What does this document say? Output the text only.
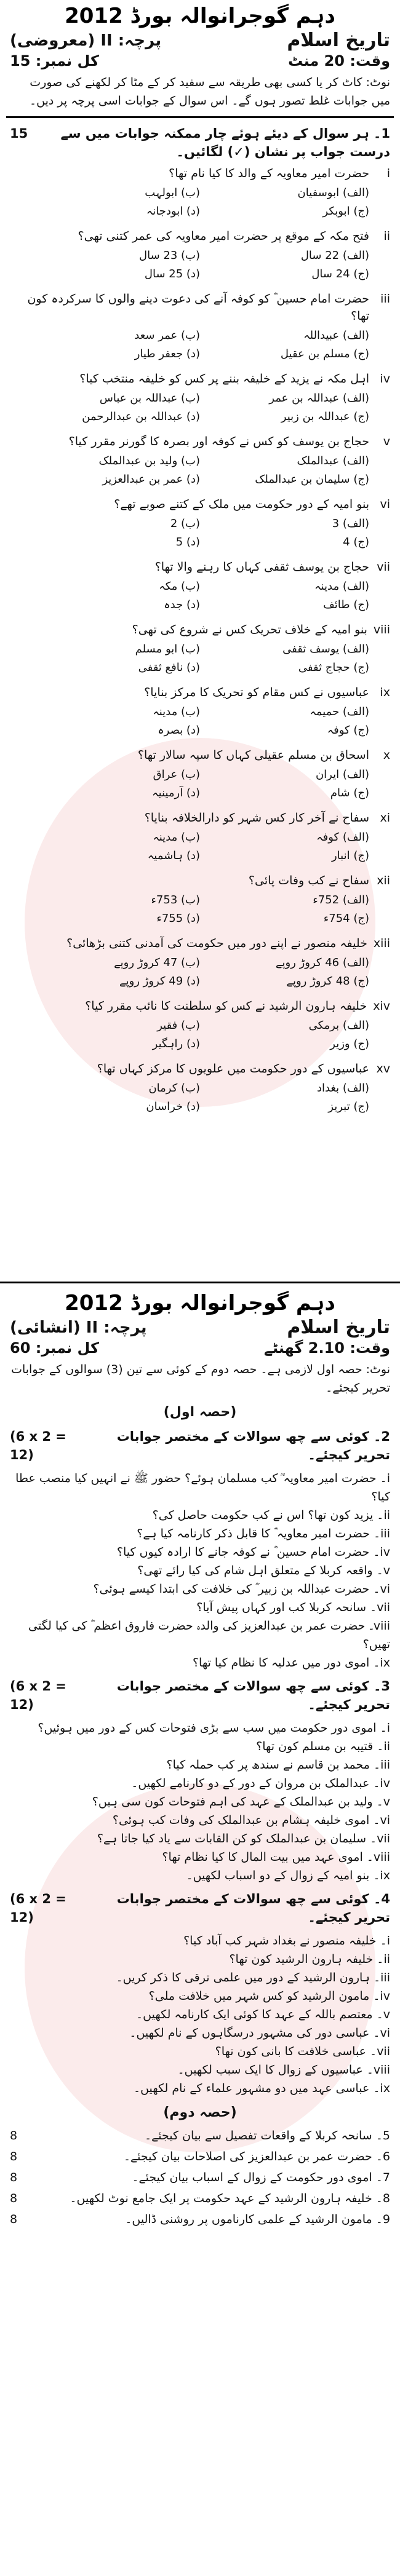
دہم گوجرانوالہ بورڈ 2012
تاریخ اسلام
پرچہ: II (معروضی)
وقت: 20 منٹ
کل نمبر: 15
نوٹ: کاٹ کر یا کسی بھی طریقہ سے سفید کر کے مٹا کر لکھنے کی صورت میں جوابات غلط تصور ہوں گے۔ اس سوال کے جوابات اسی پرچہ پر دیں۔
1۔ ہر سوال کے دیئے ہوئے چار ممکنہ جوابات میں سے درست جواب پر نشان (✓) لگائیں۔
15
i
حضرت امیر معاویہ کے والد کا کیا نام تھا؟
(الف) ابوسفیان
(ب) ابولہب
(ج) ابوبکر
(د) ابودجانہ
ii
فتح مکہ کے موقع پر حضرت امیر معاویہ کی عمر کتنی تھی؟
(الف) 22 سال
(ب) 23 سال
(ج) 24 سال
(د) 25 سال
iii
حضرت امام حسین ؓ کو کوفہ آنے کی دعوت دینے والوں کا سرکردہ کون تھا؟
(الف) عبیداللہ
(ب) عمر سعد
(ج) مسلم بن عقیل
(د) جعفر طیار
iv
اہل مکہ نے یزید کے خلیفہ بننے پر کس کو خلیفہ منتخب کیا؟
(الف) عبداللہ بن عمر
(ب) عبداللہ بن عباس
(ج) عبداللہ بن زبیر
(د) عبداللہ بن عبدالرحمن
v
حجاج بن یوسف کو کس نے کوفہ اور بصرہ کا گورنر مقرر کیا؟
(الف) عبدالملک
(ب) ولید بن عبدالملک
(ج) سلیمان بن عبدالملک
(د) عمر بن عبدالعزیز
vi
بنو امیہ کے دور حکومت میں ملک کے کتنے صوبے تھے؟
(الف) 3
(ب) 2
(ج) 4
(د) 5
vii
حجاج بن یوسف ثقفی کہاں کا رہنے والا تھا؟
(الف) مدینہ
(ب) مکہ
(ج) طائف
(د) جدہ
viii
بنو امیہ کے خلاف تحریک کس نے شروع کی تھی؟
(الف) یوسف ثقفی
(ب) ابو مسلم
(ج) حجاج ثقفی
(د) نافع ثقفی
ix
عباسیوں نے کس مقام کو تحریک کا مرکز بنایا؟
(الف) حمیمہ
(ب) مدینہ
(ج) کوفہ
(د) بصرہ
x
اسحاق بن مسلم عقیلی کہاں کا سپہ سالار تھا؟
(الف) ایران
(ب) عراق
(ج) شام
(د) آرمینیہ
xi
سفاح نے آخر کار کس شہر کو دارالخلافہ بنایا؟
(الف) کوفہ
(ب) مدینہ
(ج) انبار
(د) ہاشمیہ
xii
سفاح نے کب وفات پائی؟
(الف) 752ء
(ب) 753ء
(ج) 754ء
(د) 755ء
xiii
خلیفہ منصور نے اپنے دور میں حکومت کی آمدنی کتنی بڑھائی؟
(الف) 46 کروڑ روپے
(ب) 47 کروڑ روپے
(ج) 48 کروڑ روپے
(د) 49 کروڑ روپے
xiv
خلیفہ ہارون الرشید نے کس کو سلطنت کا نائب مقرر کیا؟
(الف) برمکی
(ب) فقیر
(ج) وزیر
(د) راہگیر
xv
عباسیوں کے دور حکومت میں علویوں کا مرکز کہاں تھا؟
(الف) بغداد
(ب) کرمان
(ج) تبریز
(د) خراسان
دہم گوجرانوالہ بورڈ 2012
تاریخ اسلام
پرچہ: II (انشائی)
وقت: 2.10 گھنٹے
کل نمبر: 60
نوٹ: حصہ اول لازمی ہے۔ حصہ دوم کے کوئی سے تین (3) سوالوں کے جوابات تحریر کیجئے۔
(حصہ اول)
2۔ کوئی سے چھ سوالات کے مختصر جوابات تحریر کیجئے۔
(6 x 2 = 12)
i۔ حضرت امیر معاویہ ؓ کب مسلمان ہوئے؟ حضور ﷺ نے انہیں کیا منصب عطا کیا؟
ii۔ یزید کون تھا؟ اس نے کب حکومت حاصل کی؟
iii۔ حضرت امیر معاویہ ؓ کا قابل ذکر کارنامہ کیا ہے؟
iv۔ حضرت امام حسین ؓ نے کوفہ جانے کا ارادہ کیوں کیا؟
v۔ واقعہ کربلا کے متعلق اہل شام کی کیا رائے تھی؟
vi۔ حضرت عبداللہ بن زبیر ؓ کی خلافت کی ابتدا کیسے ہوئی؟
vii۔ سانحہ کربلا کب اور کہاں پیش آیا؟
viii۔ حضرت عمر بن عبدالعزیز کی والدہ حضرت فاروق اعظم ؓ کی کیا لگتی تھیں؟
ix۔ اموی دور میں عدلیہ کا نظام کیا تھا؟
3۔ کوئی سے چھ سوالات کے مختصر جوابات تحریر کیجئے۔
(6 x 2 = 12)
i۔ اموی دور حکومت میں سب سے بڑی فتوحات کس کے دور میں ہوئیں؟
ii۔ قتیبہ بن مسلم کون تھا؟
iii۔ محمد بن قاسم نے سندھ پر کب حملہ کیا؟
iv۔ عبدالملک بن مروان کے دور کے دو کارنامے لکھیں۔
v۔ ولید بن عبدالملک کے عہد کی اہم فتوحات کون سی ہیں؟
vi۔ اموی خلیفہ ہشام بن عبدالملک کی وفات کب ہوئی؟
vii۔ سلیمان بن عبدالملک کو کن القابات سے یاد کیا جاتا ہے؟
viii۔ اموی عہد میں بیت المال کا کیا نظام تھا؟
ix۔ بنو امیہ کے زوال کے دو اسباب لکھیں۔
4۔ کوئی سے چھ سوالات کے مختصر جوابات تحریر کیجئے۔
(6 x 2 = 12)
i۔ خلیفہ منصور نے بغداد شہر کب آباد کیا؟
ii۔ خلیفہ ہارون الرشید کون تھا؟
iii۔ ہارون الرشید کے دور میں علمی ترقی کا ذکر کریں۔
iv۔ مامون الرشید کو کس شہر میں خلافت ملی؟
v۔ معتصم باللہ کے عہد کا کوئی ایک کارنامہ لکھیں۔
vi۔ عباسی دور کی مشہور درسگاہوں کے نام لکھیں۔
vii۔ عباسی خلافت کا بانی کون تھا؟
viii۔ عباسیوں کے زوال کا ایک سبب لکھیں۔
ix۔ عباسی عہد میں دو مشہور علماء کے نام لکھیں۔
(حصہ دوم)
5۔ سانحہ کربلا کے واقعات تفصیل سے بیان کیجئے۔
8
6۔ حضرت عمر بن عبدالعزیز کی اصلاحات بیان کیجئے۔
8
7۔ اموی دور حکومت کے زوال کے اسباب بیان کیجئے۔
8
8۔ خلیفہ ہارون الرشید کے عہد حکومت پر ایک جامع نوٹ لکھیں۔
8
9۔ مامون الرشید کے علمی کارناموں پر روشنی ڈالیں۔
8
